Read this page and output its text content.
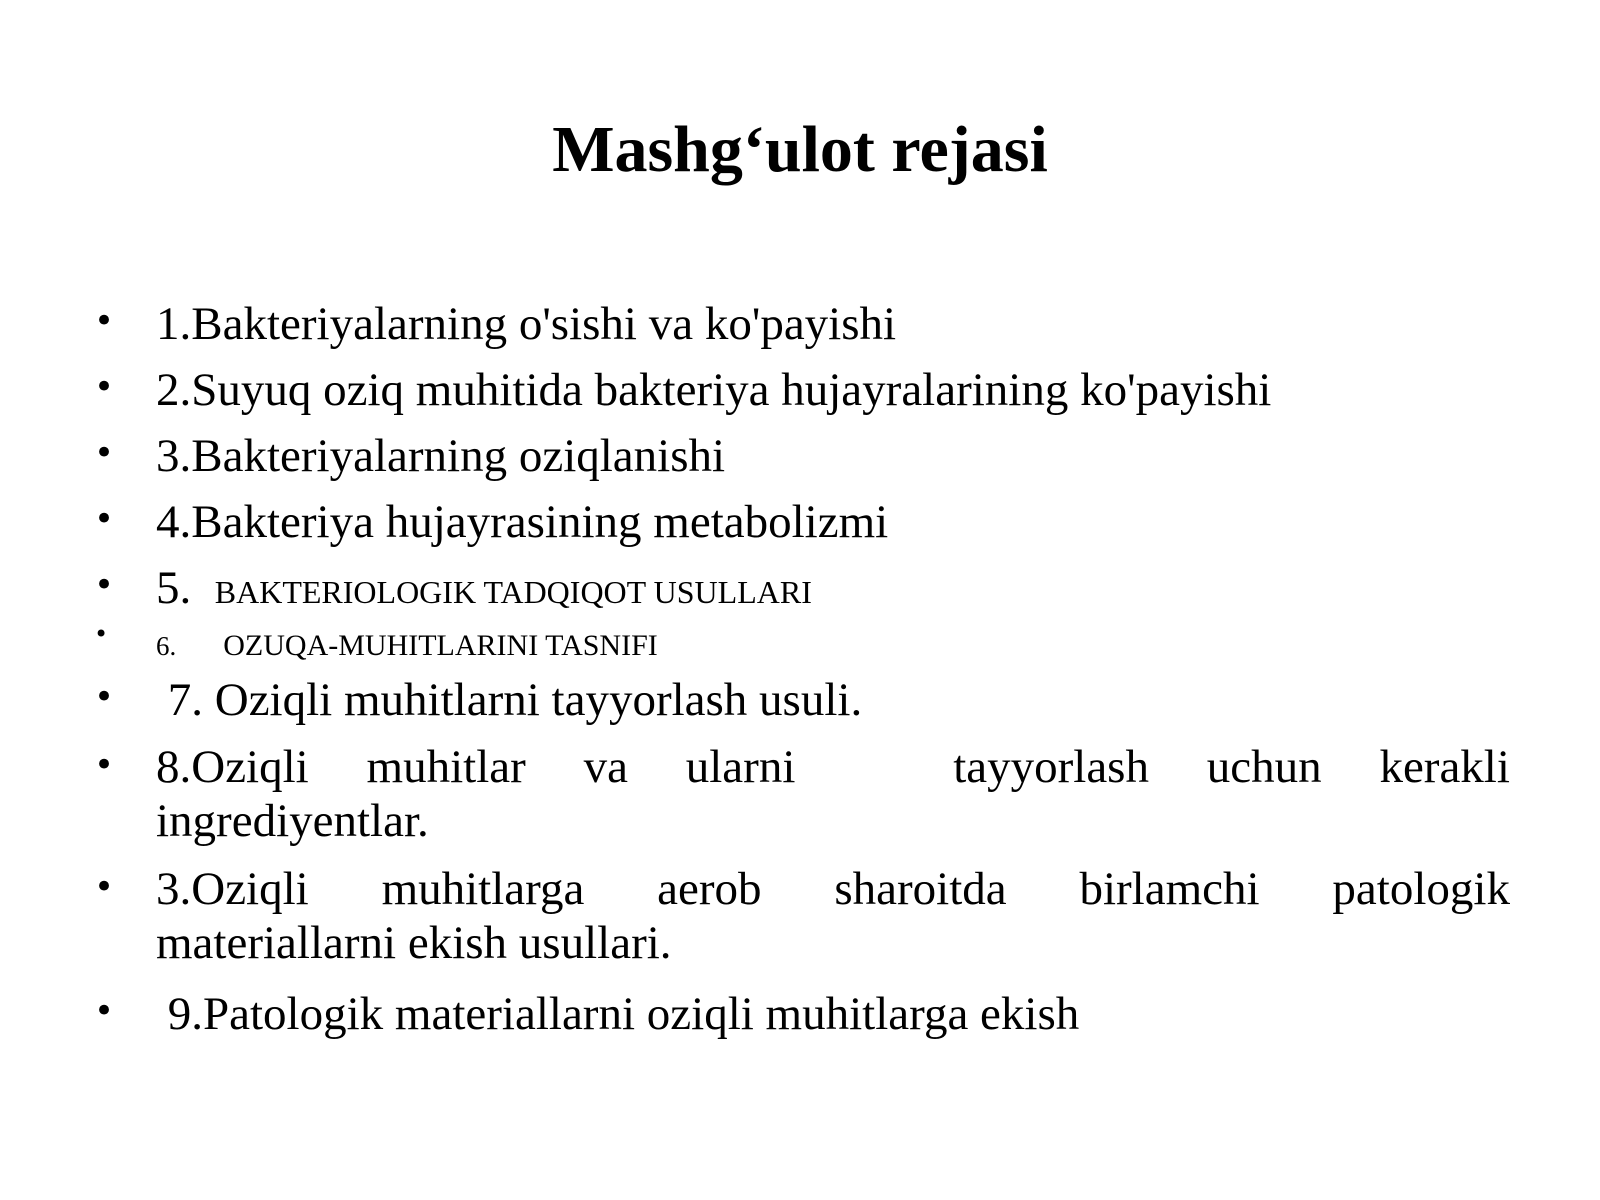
Mashg‘ulot rejasi
• 1.Bakteriyalarning o'sishi va ko'payishi
• 2.Suyuq oziq muhitida bakteriya hujayralarining ko'payishi
• 3.Bakteriyalarning oziqlanishi
• 4.Bakteriya hujayrasining metabolizmi
• 5. BAKTERIOLOGIK TADQIQOT USULLARI
• 6. OZUQA-MUHITLARINI TASNIFI
• 7. Oziqli muhitlarni tayyorlash usuli.
• 8.Oziqli muhitlar va ularni	tayyorlash uchun kerakli
ingrediyentlar.
• 3.Oziqli muhitlarga aerob sharoitda birlamchi patologik
materiallarni ekish usullari.
• 9.Patologik materiallarni oziqli muhitlarga ekish
